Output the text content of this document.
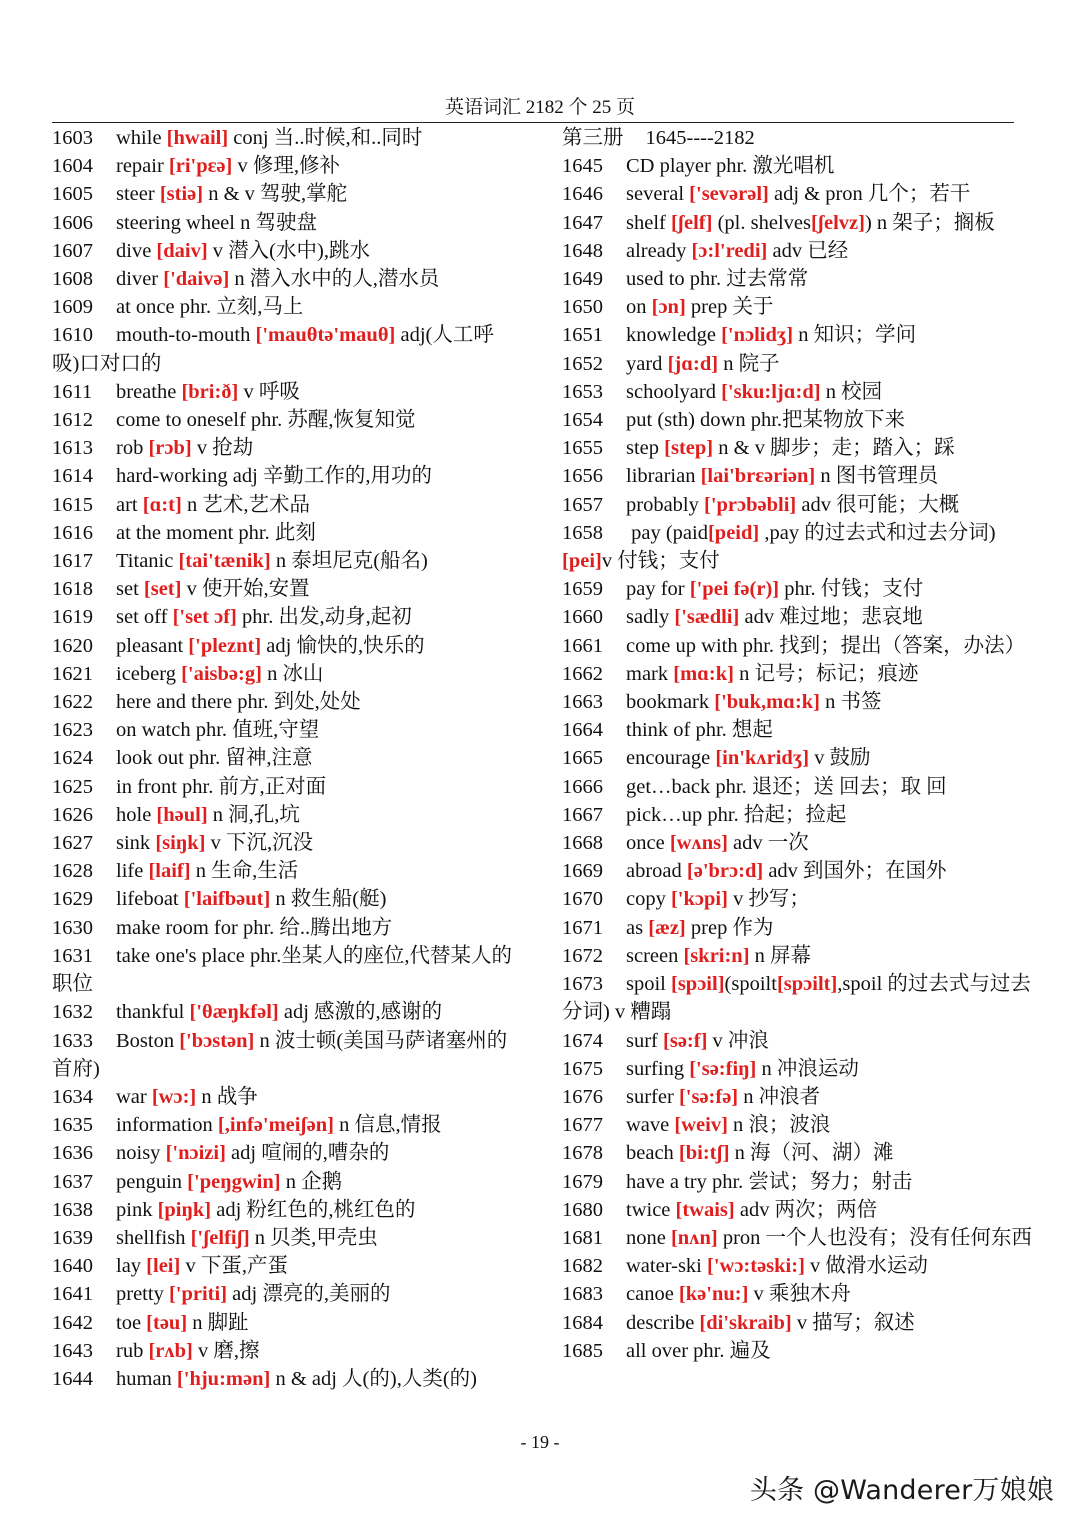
英语词汇 2182 个 25 页

1603 while [hwail] conj 当..时候,和..同时

1604 repair [ri'pɛə] v 修理,修补

1605 steer [stiə] n & v 驾驶,掌舵

1606 steering wheel n 驾驶盘

1607 dive [daiv] v 潜入(水中),跳水

1608 diver ['daivə] n 潜入水中的人,潜水员

1609 at once phr. 立刻,马上

1610 mouth-to-mouth ['mauθtə'mauθ] adj(人工呼吸)口对口的

1611 breathe [bri:ð] v 呼吸

1612 come to oneself phr. 苏醒,恢复知觉

1613 rob [rɔb] v 抢劫

1614 hard-working adj 辛勤工作的,用功的

1615 art [ɑ:t] n 艺术,艺术品

1616 at the moment phr. 此刻

1617 Titanic [tai'tænik] n 泰坦尼克(船名)

1618 set [set] v 使开始,安置

1619 set off ['set ɔf] phr. 出发,动身,起初

1620 pleasant ['pleznt] adj 愉快的,快乐的

1621 iceberg ['aisbə:g] n 冰山

1622 here and there phr. 到处,处处

1623 on watch phr. 值班,守望

1624 look out phr. 留神,注意

1625 in front phr. 前方,正对面

1626 hole [həul] n 洞,孔,坑

1627 sink [siŋk] v 下沉,沉没

1628 life [laif] n 生命,生活

1629 lifeboat ['laifbəut] n 救生船(艇)

1630 make room for phr. 给..腾出地方

1631 take one's place phr.坐某人的座位,代替某人的职位

1632 thankful ['θæŋkfəl] adj 感激的,感谢的

1633 Boston ['bɔstən] n 波士顿(美国马萨诸塞州的首府)

1634 war [wɔ:] n 战争

1635 information [,infə'meiʃən] n 信息,情报

1636 noisy ['nɔizi] adj 喧闹的,嘈杂的

1637 penguin ['peŋgwin] n 企鹅

1638 pink [piŋk] adj 粉红色的,桃红色的

1639 shellfish ['ʃelfiʃ] n 贝类,甲壳虫

1640 lay [lei] v 下蛋,产蛋

1641 pretty ['priti] adj 漂亮的,美丽的

1642 toe [təu] n 脚趾

1643 rub [rʌb] v 磨,擦

1644 human ['hju:mən] n & adj 人(的),人类(的)

第三册 1645----2182

1645 CD player phr. 激光唱机

1646 several ['sevərəl] adj & pron 几个；若干

1647 shelf [ʃelf] (pl. shelves[ʃelvz]) n 架子；搁板

1648 already [ɔ:l'redi] adv 已经

1649 used to phr. 过去常常

1650 on [ɔn] prep 关于

1651 knowledge ['nɔlidʒ] n 知识；学问

1652 yard [jɑ:d] n 院子

1653 schoolyard ['sku:ljɑ:d] n 校园

1654 put (sth) down phr.把某物放下来

1655 step [step] n & v 脚步；走；踏入；踩

1656 librarian [lai'brɛəriən] n 图书管理员

1657 probably ['prɔbəbli] adv 很可能；大概

1658 pay (paid[peid] ,pay 的过去式和过去分词)[pei]v 付钱；支付

1659 pay for ['pei fə(r)] phr. 付钱；支付

1660 sadly ['sædli] adv 难过地；悲哀地

1661 come up with phr. 找到；提出（答案，办法）

1662 mark [mɑ:k] n 记号；标记；痕迹

1663 bookmark ['buk,mɑ:k] n 书签

1664 think of phr. 想起

1665 encourage [in'kʌridʒ] v 鼓励

1666 get…back phr. 退还；送 回去；取 回

1667 pick…up phr. 拾起；捡起

1668 once [wʌns] adv 一次

1669 abroad [ə'brɔ:d] adv 到国外；在国外

1670 copy ['kɔpi] v 抄写；

1671 as [æz] prep 作为

1672 screen [skri:n] n 屏幕

1673 spoil [spɔil](spoilt[spɔilt],spoil 的过去式与过去分词) v 糟蹋

1674 surf [sə:f] v 冲浪

1675 surfing ['sə:fiŋ] n 冲浪运动

1676 surfer ['sə:fə] n 冲浪者

1677 wave [weiv] n 浪；波浪

1678 beach [bi:tʃ] n 海（河、湖）滩

1679 have a try phr. 尝试；努力；射击

1680 twice [twais] adv 两次；两倍

1681 none [nʌn] pron 一个人也没有；没有任何东西

1682 water-ski ['wɔ:təski:] v 做滑水运动

1683 canoe [kə'nu:] v 乘独木舟

1684 describe [di'skraib] v 描写；叙述

1685 all over phr. 遍及

- 19 -
头条 @Wanderer万娘娘
